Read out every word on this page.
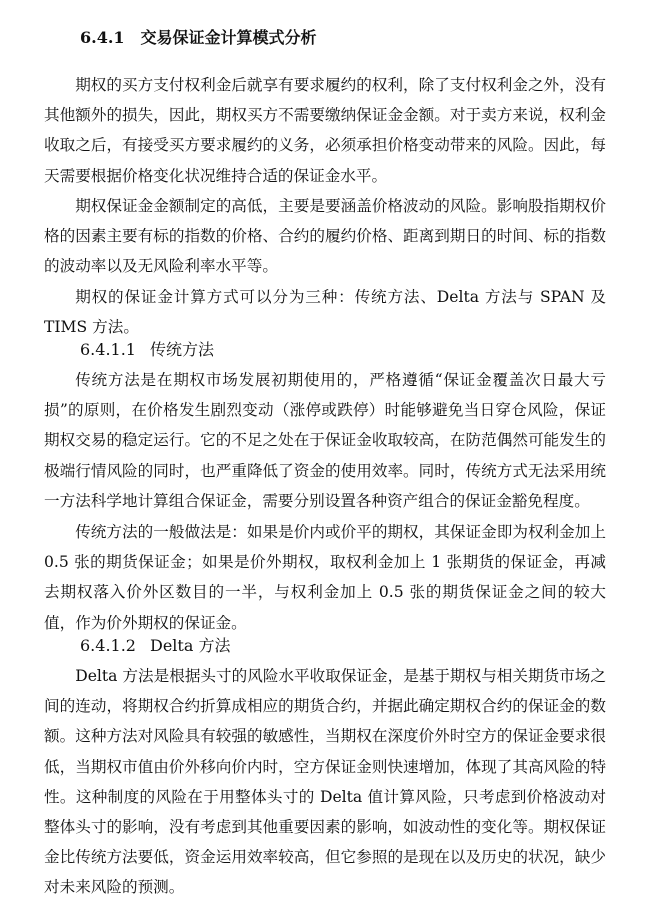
6.4.1 交易保证金计算模式分析

期权的买方支付权利金后就享有要求履约的权利，除了支付权利金之外，没有其他额外的损失，因此，期权买方不需要缴纳保证金金额。对于卖方来说，权利金收取之后，有接受买方要求履约的义务，必须承担价格变动带来的风险。因此，每天需要根据价格变化状况维持合适的保证金水平。

期权保证金金额制定的高低，主要是要涵盖价格波动的风险。影响股指期权价格的因素主要有标的指数的价格、合约的履约价格、距离到期日的时间、标的指数的波动率以及无风险利率水平等。

期权的保证金计算方式可以分为三种：传统方法、Delta 方法与 SPAN 及 TIMS 方法。

6.4.1.1 传统方法

传统方法是在期权市场发展初期使用的，严格遵循“保证金覆盖次日最大亏损”的原则，在价格发生剧烈变动（涨停或跌停）时能够避免当日穿仓风险，保证期权交易的稳定运行。它的不足之处在于保证金收取较高，在防范偶然可能发生的极端行情风险的同时，也严重降低了资金的使用效率。同时，传统方式无法采用统一方法科学地计算组合保证金，需要分别设置各种资产组合的保证金豁免程度。

传统方法的一般做法是：如果是价内或价平的期权，其保证金即为权利金加上 0.5 张的期货保证金；如果是价外期权，取权利金加上 1 张期货的保证金，再减去期权落入价外区数目的一半，与权利金加上 0.5 张的期货保证金之间的较大值，作为价外期权的保证金。

6.4.1.2 Delta 方法

Delta 方法是根据头寸的风险水平收取保证金，是基于期权与相关期货市场之间的连动，将期权合约折算成相应的期货合约，并据此确定期权合约的保证金的数额。这种方法对风险具有较强的敏感性，当期权在深度价外时空方的保证金要求很低，当期权市值由价外移向价内时，空方保证金则快速增加，体现了其高风险的特性。这种制度的风险在于用整体头寸的 Delta 值计算风险，只考虑到价格波动对整体头寸的影响，没有考虑到其他重要因素的影响，如波动性的变化等。期权保证金比传统方法要低，资金运用效率较高，但它参照的是现在以及历史的状况，缺少对未来风险的预测。
